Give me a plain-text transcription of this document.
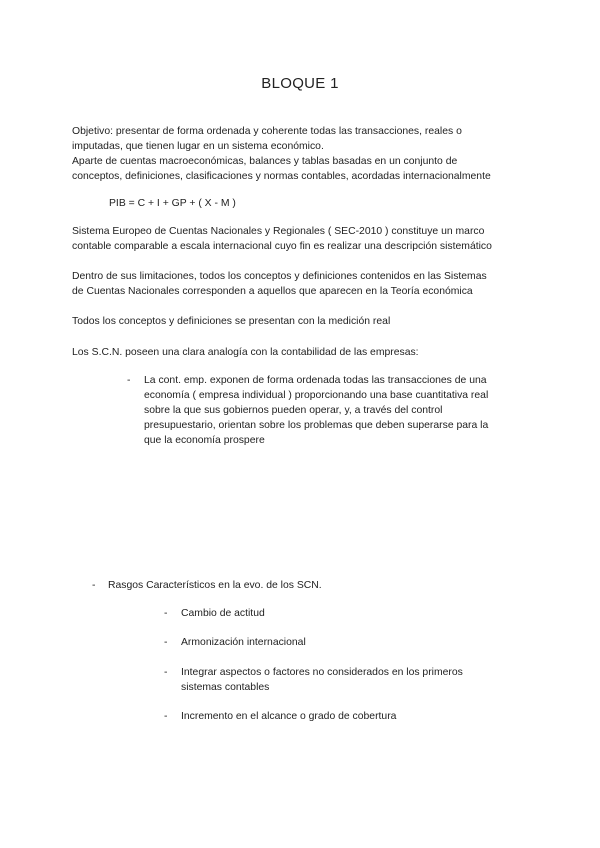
BLOQUE 1
Objetivo: presentar de forma ordenada y coherente todas las transacciones, reales o
imputadas, que tienen lugar en un sistema económico.
Aparte de cuentas macroeconómicas, balances y tablas basadas en un conjunto de
conceptos, definiciones, clasificaciones y normas contables, acordadas internacionalmente
PIB = C + I + GP + ( X - M )
Sistema Europeo de Cuentas Nacionales y Regionales ( SEC-2010 ) constituye un marco
contable comparable a escala internacional cuyo fin es realizar una descripción sistemático
Dentro de sus limitaciones, todos los conceptos y definiciones contenidos en las Sistemas
de Cuentas Nacionales corresponden a aquellos que aparecen en la Teoría económica
Todos los conceptos y definiciones se presentan con la medición real
Los S.C.N. poseen una clara analogía con la contabilidad de las empresas:
- La cont. emp. exponen de forma ordenada todas las transacciones de una
economía ( empresa individual ) proporcionando una base cuantitativa real
sobre la que sus gobiernos pueden operar, y, a través del control
presupuestario, orientan sobre los problemas que deben superarse para la
que la economía prospere
- Rasgos Característicos en la evo. de los SCN.
- Cambio de actitud
- Armonización internacional
- Integrar aspectos o factores no considerados en los primeros
sistemas contables
- Incremento en el alcance o grado de cobertura
